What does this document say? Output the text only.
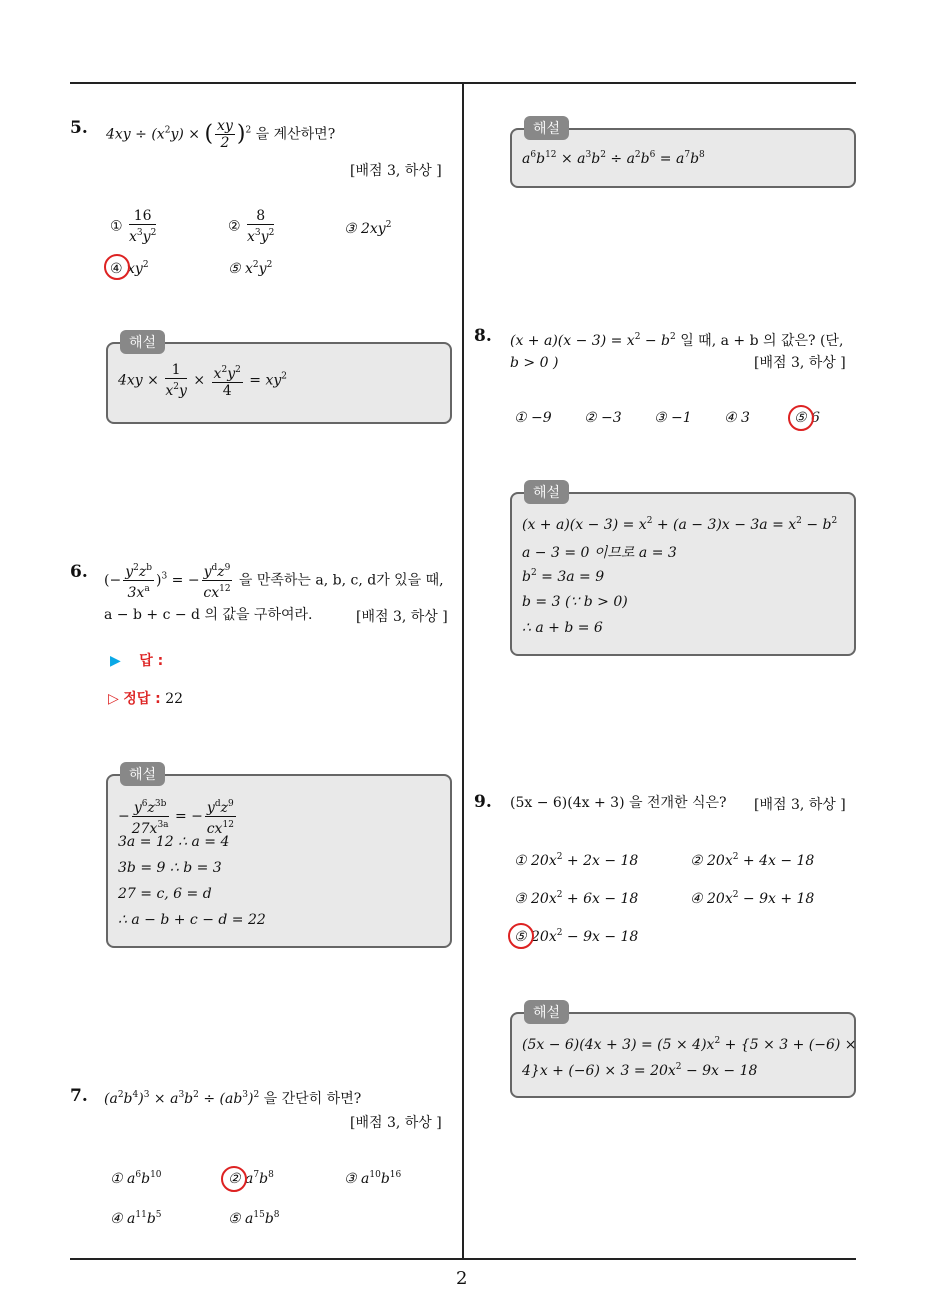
2
5. $4xy \div (x^2y)$ × ( $\frac{xy}{2} )^2$ 을 계산하면?
[배점 3, 하상 ]
① $\frac{16}{x^3y^2}$	② $\frac{8}{x^3y^2}$	③ $2xy^2$
④ $xy^2$	⑤ $x^2y^2$
$4xy \times \frac{1}{x^2y} \times \frac{x^2y^2}{4} = xy^2$
해설
6. (− $\frac{y^2z^b}{3x^a} )^3$ = − $\frac{y^dz^9}{cx^{12}}$ 을 만족하는 a, b, c, d가 있을 때,
a − b + c − d 의 값을 구하여라.	[배점 3, 하상 ]
▶ 답 :
▷ 정답 : 22
− $\frac{y^6z^{3b}}{27x^{3a}}$ = − $\frac{y^dz^9}{cx^{12}}$
3a = 12 ∴ a = 4
3b = 9 ∴ b = 3
27 = c, 6 = d
∴ a − b + c − d = 22
해설
7. $(a^2b^4)^3 \times a^3b^2 \div (ab^3)^2$ 을 간단히 하면?
[배점 3, 하상 ]
① $a^6b^{10}$	② $a^7b^8$	③ $a^{10}b^{16}$
④ $a^{11}b^5$	⑤ $a^{15}b^8$
$a^6b^{12} \times a^3b^2 \div a^2b^6 = a^7b^8$
해설
8. $(x + a)(x - 3) = x^2 - b^2$ 일 때, a + b 의 값은? (단,
b > 0 )	[배점 3, 하상 ]
① −9 ② −3 ③ −1 ④ 3	⑤ 6
$(x + a)(x - 3) = x^2 + (a - 3)x - 3a = x^2 - b^2$
a − 3 = 0 이므로 a = 3
$b^2 = 3a = 9$
b = 3 (∵ b > 0)
∴ a + b = 6
해설
9. (5x − 6)(4x + 3) 을 전개한 식은? [배점 3, 하상 ]
① $20x^2 + 2x - 18$	② $20x^2 + 4x - 18$
③ $20x^2 + 6x - 18$	④ $20x^2 - 9x + 18$
⑤ $20x^2 - 9x - 18$
$(5x - 6)(4x + 3) = (5 \times 4)x^2 + \{5 \times 3 + (-6)$ ×
$4\}x + (-6) \times 3 = 20x^2 - 9x - 18$
해설
